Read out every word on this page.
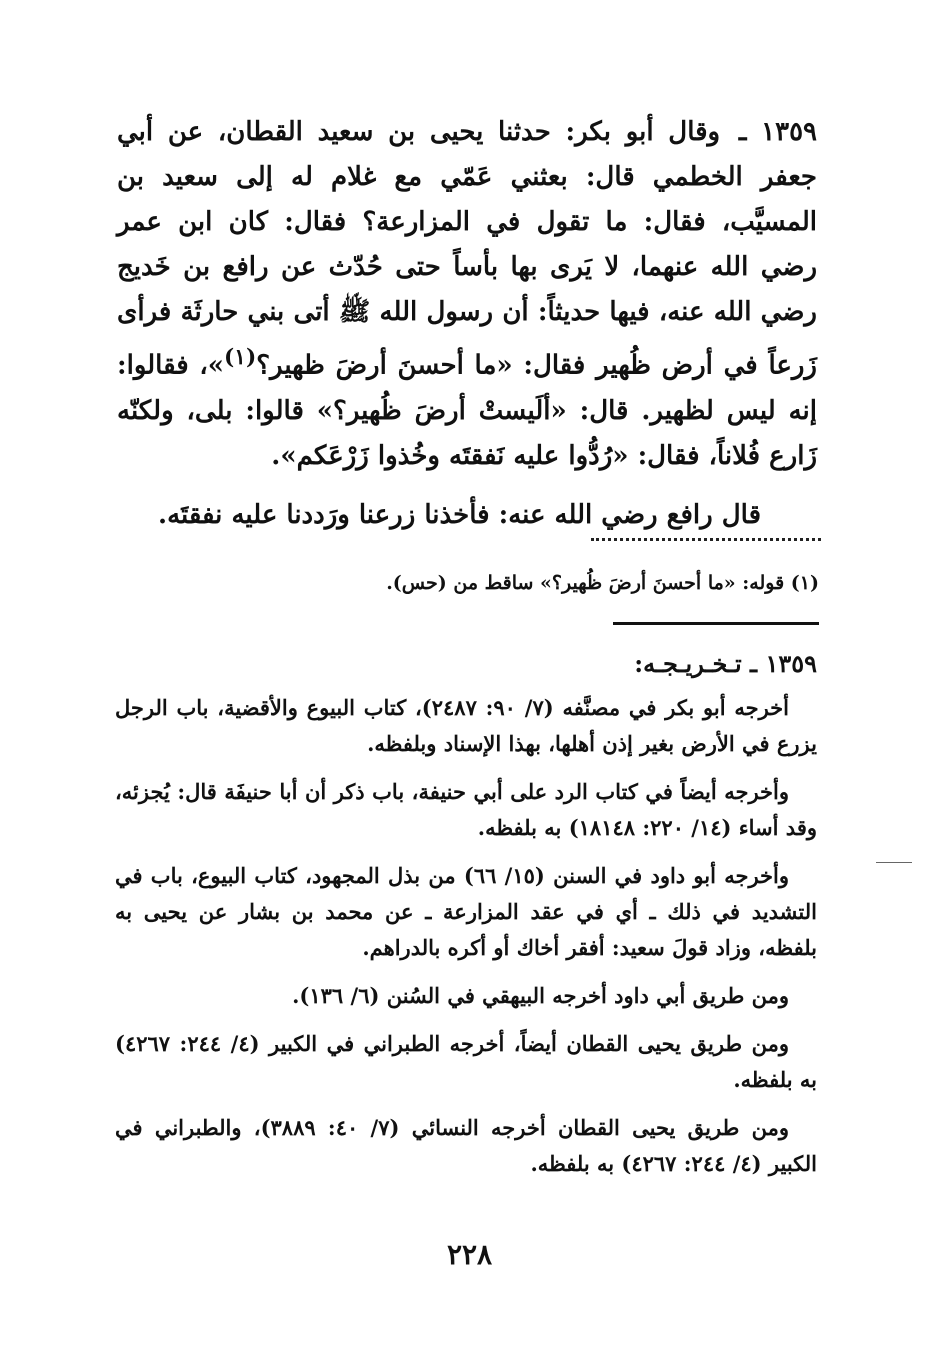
١٣٥٩ ـ وقال أبو بكر: حدثنا يحيى بن سعيد القطان، عن أبي جعفر الخطمي قال: بعثني عَمّي مع غلام له إلى سعيد بن المسيَّب، فقال: ما تقول في المزارعة؟ فقال: كان ابن عمر رضي الله عنهما، لا يَرى بها بأساً حتى حُدّث عن رافع بن خَديج رضي الله عنه، فيها حديثاً: أن رسول الله ﷺ أتى بني حارثَة فرأى زَرعاً في أرض ظُهير فقال: «ما أحسنَ أرضَ ظهير؟$^{(١)}$»، فقالوا: إنه ليس لظهير. قال: «ألَيستْ أرضَ ظُهير؟» قالوا: بلى، ولكنّه زَارع فُلاناً، فقال: «رُدُّوا عليه نَفقتَه وخُذوا زَرْعَكم».

قال رافع رضي الله عنه: فأخذنا زرعنا ورَددنا عليه نفقتَه.

(١) قوله: «ما أحسنَ أرضَ ظُهير؟» ساقط من (حس).
١٣٥٩ ـ تـخـريـجـه:

أخرجه أبو بكر في مصنَّفه (٧/ ٩٠: ٢٤٨٧)، كتاب البيوع والأقضية، باب الرجل يزرع في الأرض بغير إذن أهلها، بهذا الإسناد وبلفظه.

وأخرجه أيضاً في كتاب الرد على أبي حنيفة، باب ذكر أن أبا حنيفَة قال: يُجزئه، وقد أساء (١٤/ ٢٢٠: ١٨١٤٨) به بلفظه.

وأخرجه أبو داود في السنن (١٥/ ٦٦) من بذل المجهود، كتاب البيوع، باب في التشديد في ذلك ـ أي في عقد المزارعة ـ عن محمد بن بشار عن يحيى به بلفظه، وزاد قولَ سعيد: أفقر أخاك أو أكره بالدراهم.

ومن طريق أبي داود أخرجه البيهقي في السُنن (٦/ ١٣٦).

ومن طريق يحيى القطان أيضاً، أخرجه الطبراني في الكبير (٤/ ٢٤٤: ٤٢٦٧) به بلفظه.

ومن طريق يحيى القطان أخرجه النسائي (٧/ ٤٠: ٣٨٨٩)، والطبراني في الكبير (٤/ ٢٤٤: ٤٢٦٧) به بلفظه.

٢٢٨
